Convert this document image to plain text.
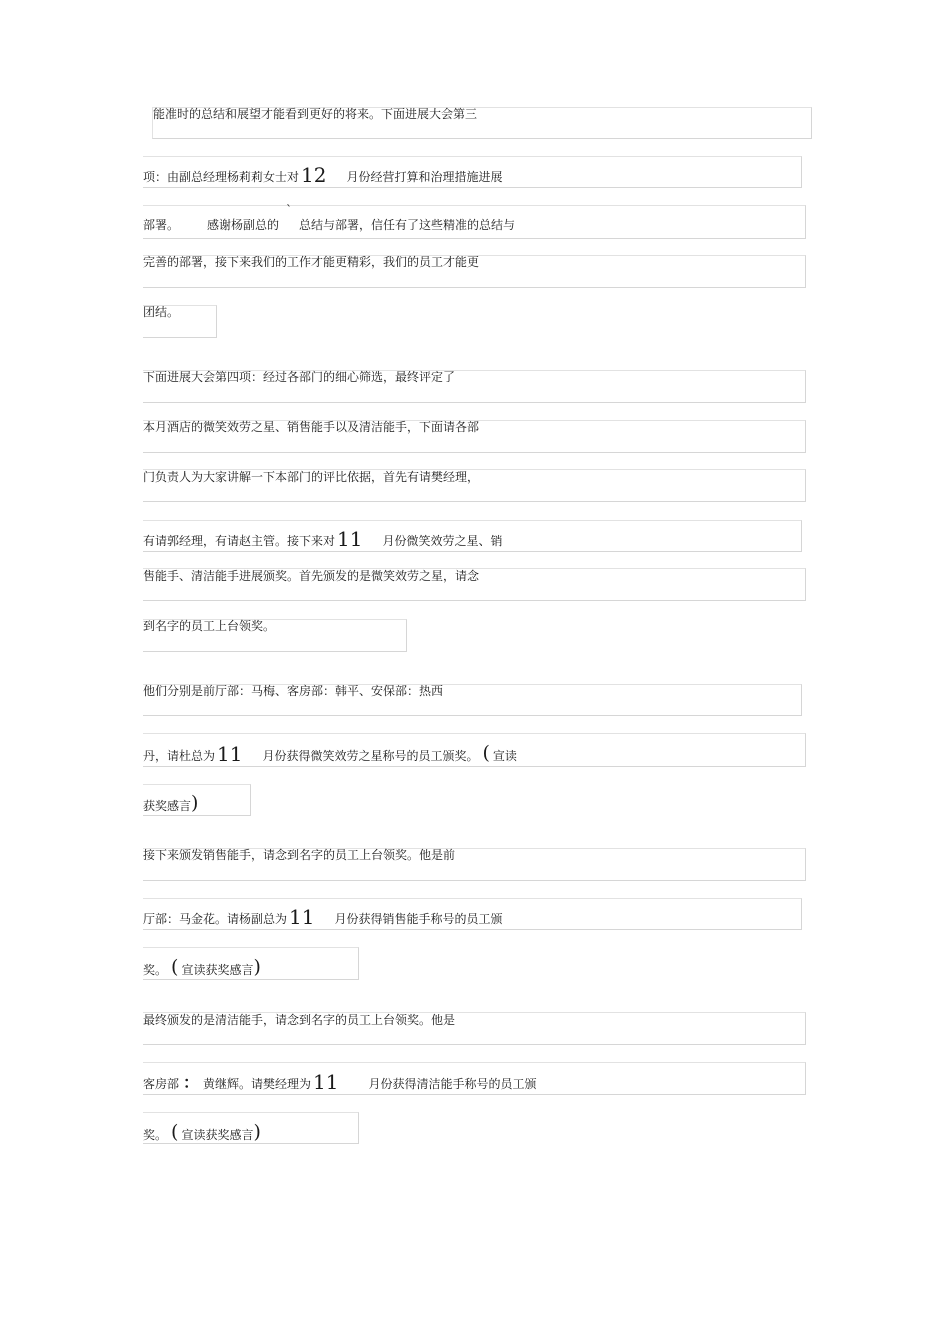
能准时的总结和展望才能看到更好的将来。下面进展大会第三
项：由副总经理杨莉莉女士对 12 月份经营打算和治理措施进展
`
部署。 感谢杨副总的 总结与部署，信任有了这些精准的总结与
完善的部署，接下来我们的工作才能更精彩，我们的员工才能更
团结。
下面进展大会第四项：经过各部门的细心筛选，最终评定了
本月酒店的微笑效劳之星、销售能手以及清洁能手，下面请各部
门负责人为大家讲解一下本部门的评比依据，首先有请樊经理，
有请郭经理，有请赵主管。接下来对 11 月份微笑效劳之星、销
售能手、清洁能手进展颁奖。首先颁发的是微笑效劳之星，请念
到名字的员工上台领奖。
他们分别是前厅部：马梅、客房部：韩平、安保部：热西
丹，请杜总为 11 月份获得微笑效劳之星称号的员工颁奖。 ( 宣读
获奖感言)
接下来颁发销售能手，请念到名字的员工上台领奖。他是前
厅部：马金花。请杨副总为 11 月份获得销售能手称号的员工颁
奖。 ( 宣读获奖感言)
最终颁发的是清洁能手，请念到名字的员工上台领奖。他是
客房部 ： 黄继辉。请樊经理为 11	月份获得清洁能手称号的员工颁
奖。 ( 宣读获奖感言)
